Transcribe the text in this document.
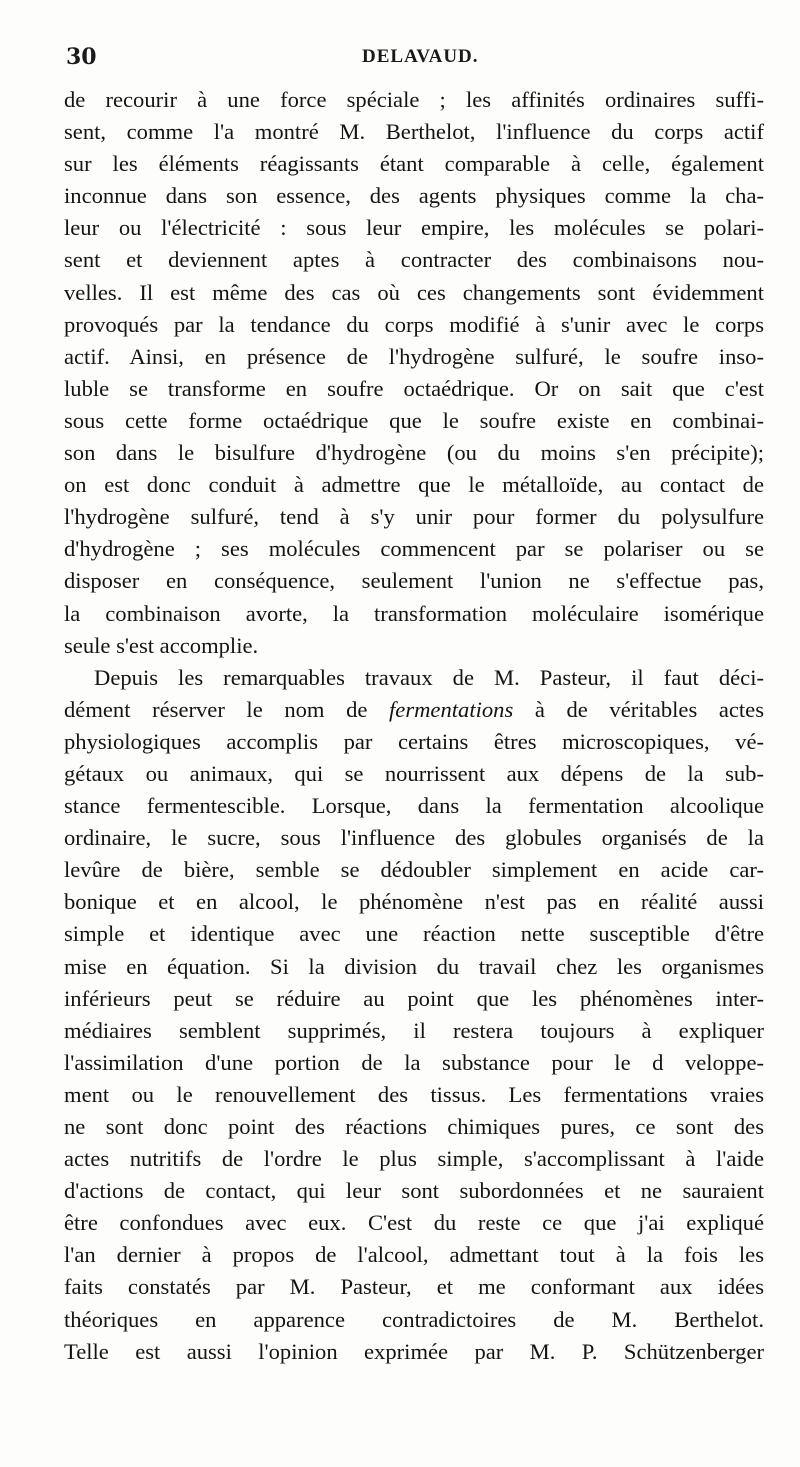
30	DELAVAUD.
de recourir à une force spéciale ; les affinités ordinaires suffi-
sent, comme l'a montré M. Berthelot, l'influence du corps actif
sur les éléments réagissants étant comparable à celle, également
inconnue dans son essence, des agents physiques comme la cha-
leur ou l'électricité : sous leur empire, les molécules se polari-
sent et deviennent aptes à contracter des combinaisons nou-
velles. Il est même des cas où ces changements sont évidemment
provoqués par la tendance du corps modifié à s'unir avec le corps
actif. Ainsi, en présence de l'hydrogène sulfuré, le soufre inso-
luble se transforme en soufre octaédrique. Or on sait que c'est
sous cette forme octaédrique que le soufre existe en combinai-
son dans le bisulfure d'hydrogène (ou du moins s'en précipite);
on est donc conduit à admettre que le métalloïde, au contact de
l'hydrogène sulfuré, tend à s'y unir pour former du polysulfure
d'hydrogène ; ses molécules commencent par se polariser ou se
disposer en conséquence, seulement l'union ne s'effectue pas,
la combinaison avorte, la transformation moléculaire isomérique
seule s'est accomplie.
Depuis les remarquables travaux de M. Pasteur, il faut déci-
dément réserver le nom de fermentations à de véritables actes
physiologiques accomplis par certains êtres microscopiques, vé-
gétaux ou animaux, qui se nourrissent aux dépens de la sub-
stance fermentescible. Lorsque, dans la fermentation alcoolique
ordinaire, le sucre, sous l'influence des globules organisés de la
levûre de bière, semble se dédoubler simplement en acide car-
bonique et en alcool, le phénomène n'est pas en réalité aussi
simple et identique avec une réaction nette susceptible d'être
mise en équation. Si la division du travail chez les organismes
inférieurs peut se réduire au point que les phénomènes inter-
médiaires semblent supprimés, il restera toujours à expliquer
l'assimilation d'une portion de la substance pour le d veloppe-
ment ou le renouvellement des tissus. Les fermentations vraies
ne sont donc point des réactions chimiques pures, ce sont des
actes nutritifs de l'ordre le plus simple, s'accomplissant à l'aide
d'actions de contact, qui leur sont subordonnées et ne sauraient
être confondues avec eux. C'est du reste ce que j'ai expliqué
l'an dernier à propos de l'alcool, admettant tout à la fois les
faits constatés par M. Pasteur, et me conformant aux idées
théoriques en apparence contradictoires de M. Berthelot.
Telle est aussi l'opinion exprimée par M. P. Schützenberger
